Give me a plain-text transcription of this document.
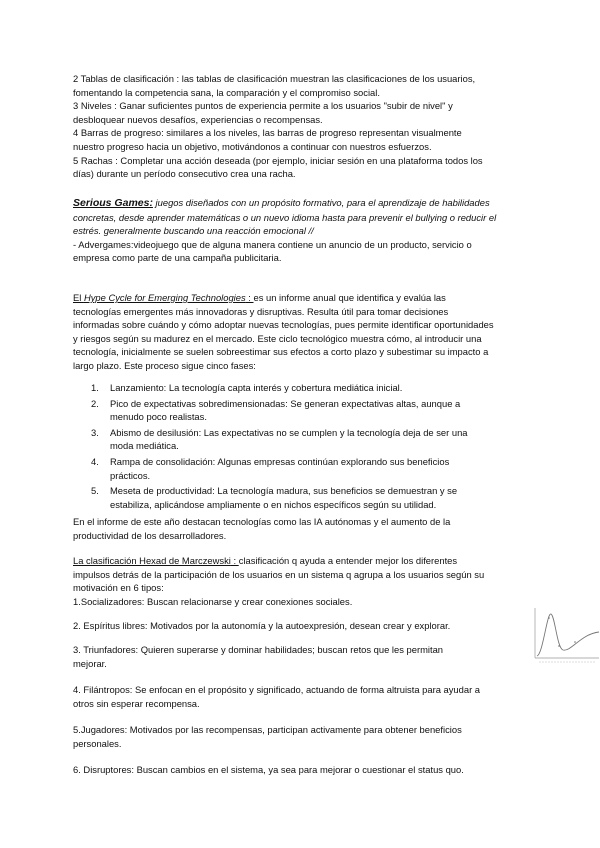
2 Tablas de clasificación : las tablas de clasificación muestran las clasificaciones de los usuarios,

fomentando la competencia sana, la comparación y el compromiso social.

3 Niveles : Ganar suficientes puntos de experiencia permite a los usuarios "subir de nivel" y

desbloquear nuevos desafíos, experiencias o recompensas.

4 Barras de progreso: similares a los niveles, las barras de progreso representan visualmente

nuestro progreso hacia un objetivo, motivándonos a continuar con nuestros esfuerzos.

5 Rachas : Completar una acción deseada (por ejemplo, iniciar sesión en una plataforma todos los

días) durante un período consecutivo crea una racha.

Serious Games: juegos diseñados con un propósito formativo, para el aprendizaje de habilidades

concretas, desde aprender matemáticas o un nuevo idioma hasta para prevenir el bullying o reducir el

estrés. generalmente buscando una reacción emocional //

- Advergames:videojuego que de alguna manera contiene un anuncio de un producto, servicio o

empresa como parte de una campaña publicitaria.

El Hype Cycle for Emerging Technologies : es un informe anual que identifica y evalúa las

tecnologías emergentes más innovadoras y disruptivas. Resulta útil para tomar decisiones

informadas sobre cuándo y cómo adoptar nuevas tecnologías, pues permite identificar oportunidades

y riesgos según su madurez en el mercado. Este ciclo tecnológico muestra cómo, al introducir una

tecnología, inicialmente se suelen sobreestimar sus efectos a corto plazo y subestimar su impacto a

largo plazo. Este proceso sigue cinco fases:

1. Lanzamiento: La tecnología capta interés y cobertura mediática inicial.
2. Pico de expectativas sobredimensionadas: Se generan expectativas altas, aunque a
menudo poco realistas.
3. Abismo de desilusión: Las expectativas no se cumplen y la tecnología deja de ser una
moda mediática.
4. Rampa de consolidación: Algunas empresas continúan explorando sus beneficios
prácticos.
5. Meseta de productividad: La tecnología madura, sus beneficios se demuestran y se
estabiliza, aplicándose ampliamente o en nichos específicos según su utilidad.

En el informe de este año destacan tecnologías como las IA autónomas y el aumento de la

productividad de los desarrolladores.

La clasificación Hexad de Marczewski : clasificación q ayuda a entender mejor los diferentes

impulsos detrás de la participación de los usuarios en un sistema q agrupa a los usuarios según su

motivación en 6 tipos:

1.Socializadores: Buscan relacionarse y crear conexiones sociales.

2. Espíritus libres: Motivados por la autonomía y la autoexpresión, desean crear y explorar.

3. Triunfadores: Quieren superarse y dominar habilidades; buscan retos que les permitan

mejorar.

4. Filántropos: Se enfocan en el propósito y significado, actuando de forma altruista para ayudar a

otros sin esperar recompensa.

5.Jugadores: Motivados por las recompensas, participan activamente para obtener beneficios

personales.

6. Disruptores: Buscan cambios en el sistema, ya sea para mejorar o cuestionar el status quo.
